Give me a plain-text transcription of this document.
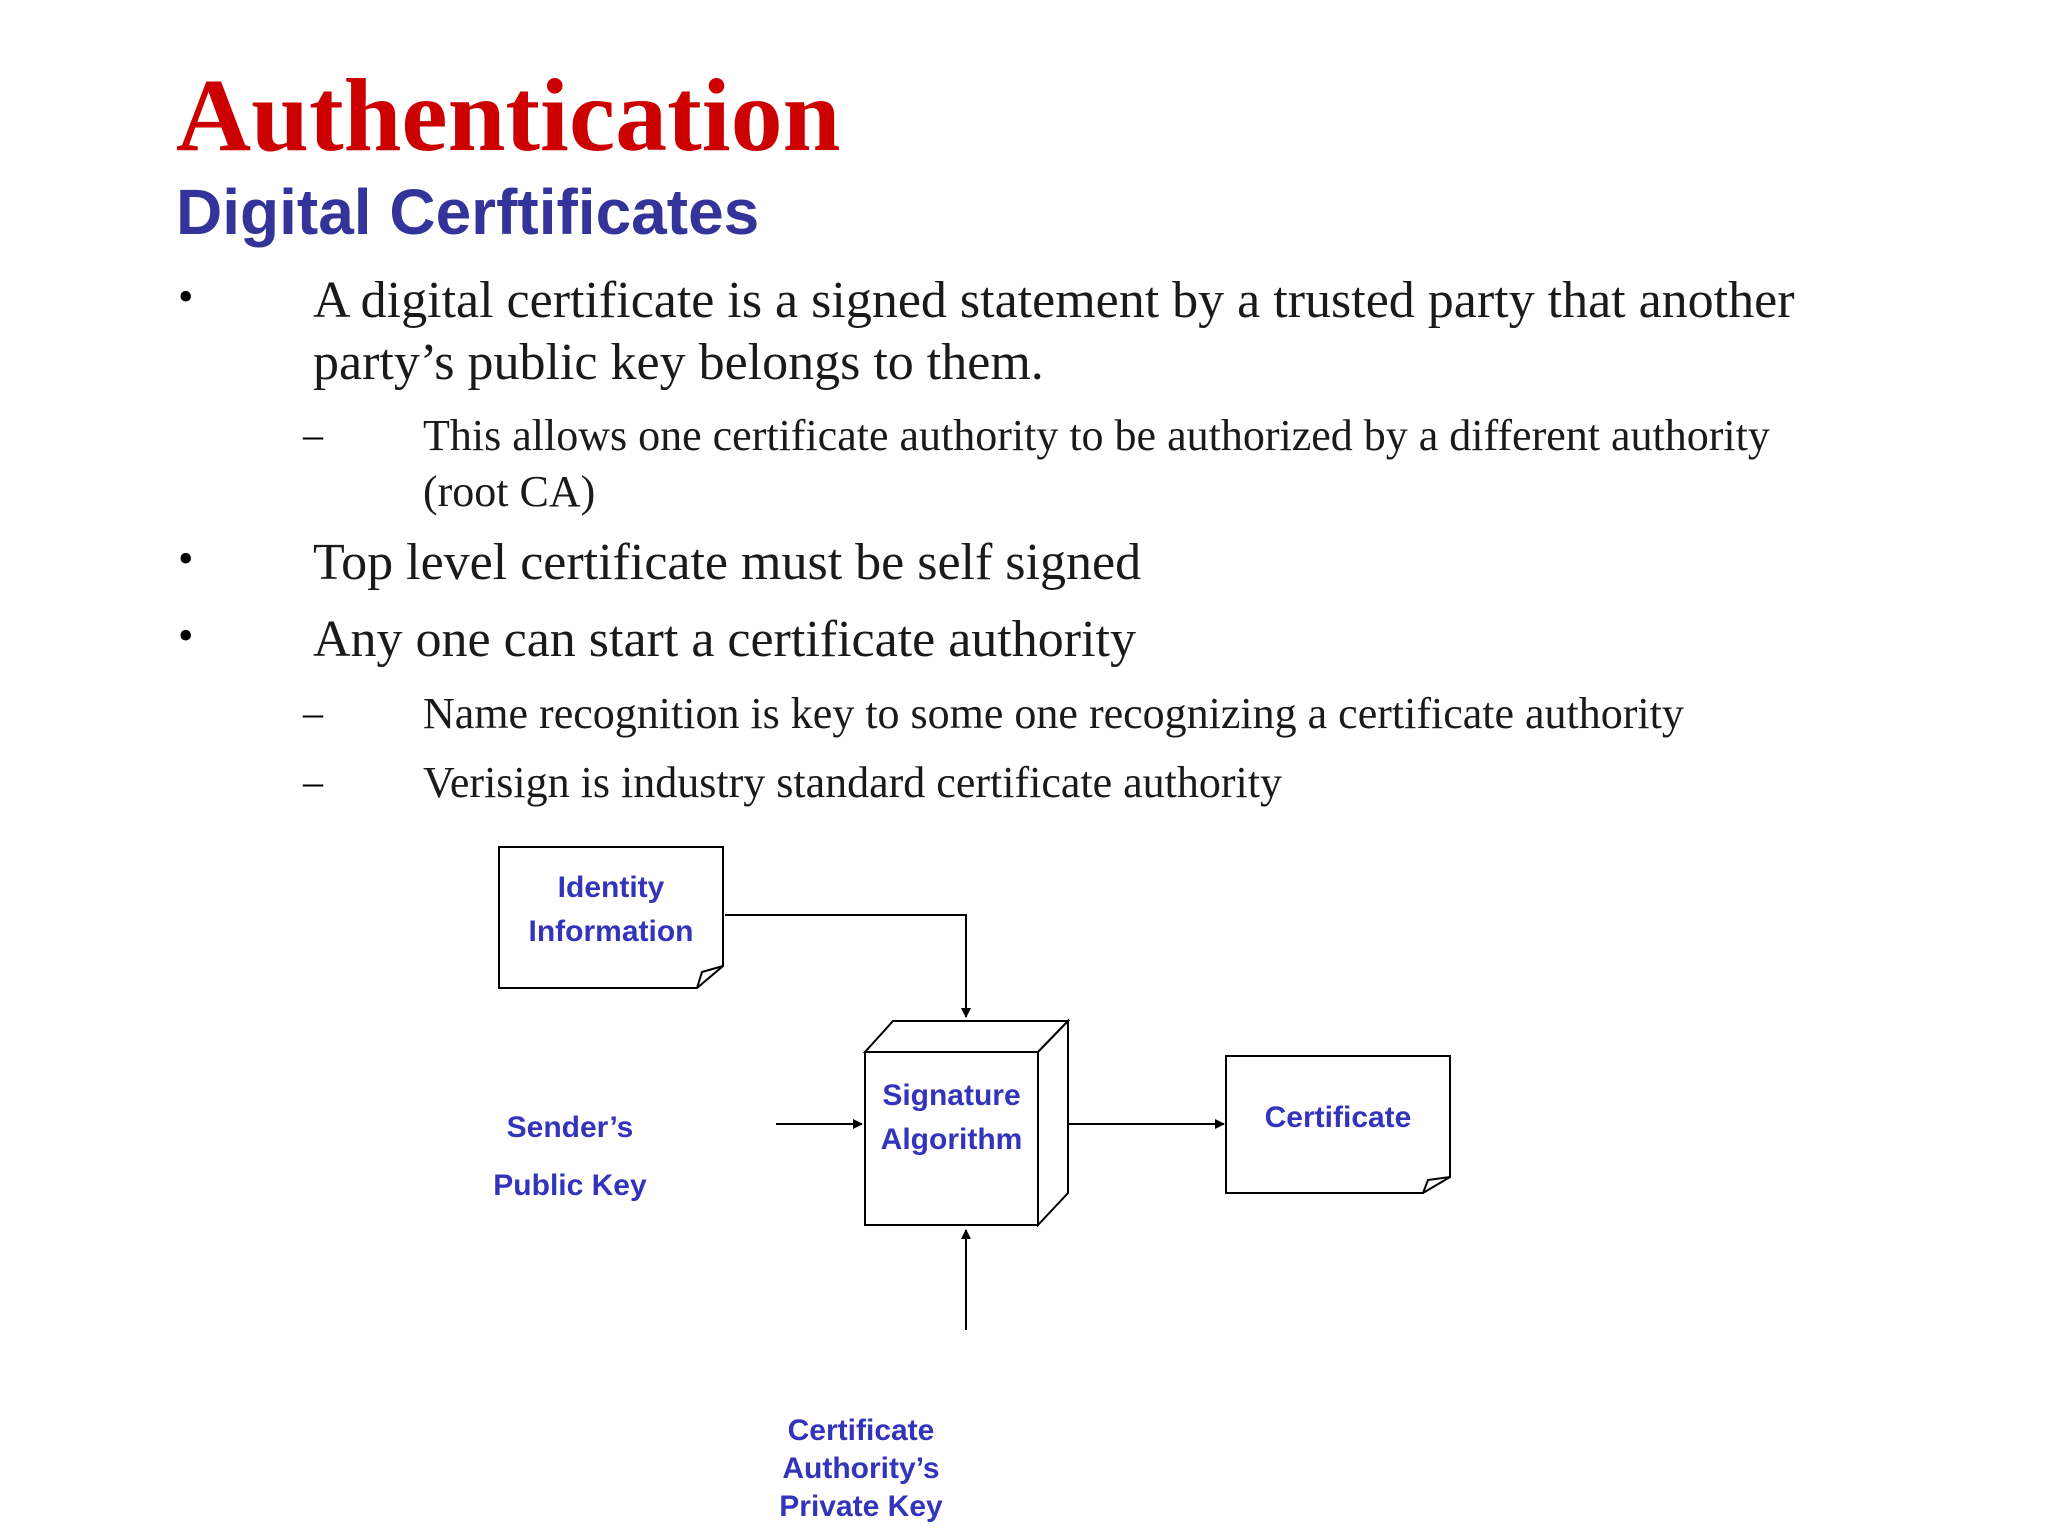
Authentication
Digital Cerftificates
• A digital certificate is a signed statement by a trusted party that another
party’s public key belongs to them.
– This allows one certificate authority to be authorized by a different authority
(root CA)
• Top level certificate must be self signed
• Any one can start a certificate authority
– Name recognition is key to some one recognizing a certificate authority
– Verisign is industry standard certificate authority
Identity
Information
Sender’s
Public Key
Signature
Algorithm
Certificate
Certificate
Authority’s
Private Key
